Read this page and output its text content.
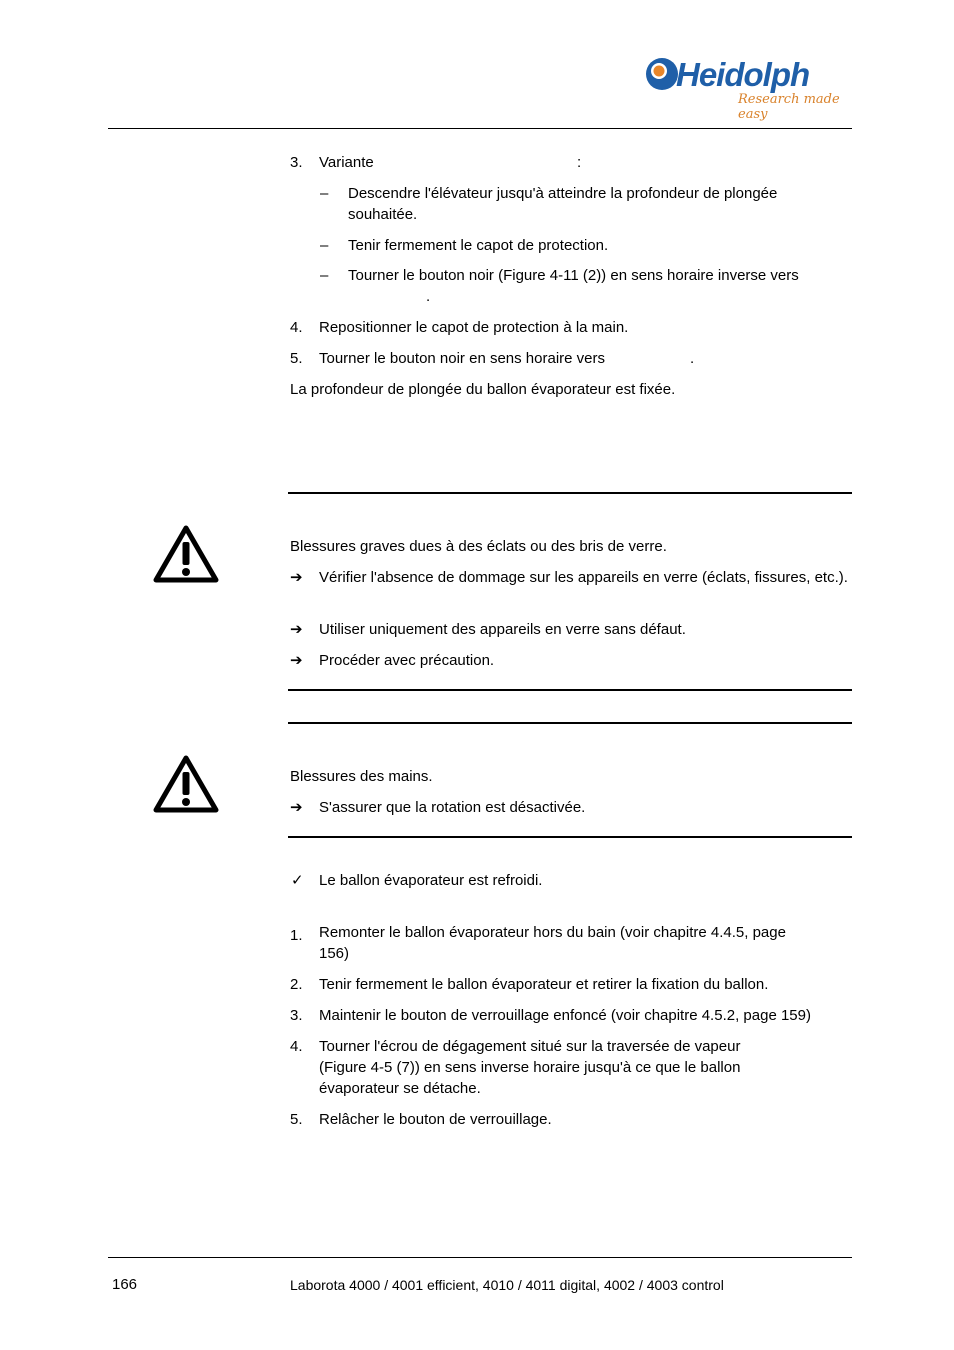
Heidolph
Research made easy
3. Variante	:
– Descendre l'élévateur jusqu'à atteindre la profondeur de plongée souhaitée.
– Tenir fermement le capot de protection.
– Tourner le bouton noir (Figure 4-11 (2)) en sens horaire inverse vers
.
4. Repositionner le capot de protection à la main.
5. Tourner le bouton noir en sens horaire vers	.
La profondeur de plongée du ballon évaporateur est fixée.
Blessures graves dues à des éclats ou des bris de verre.
➔ Vérifier l'absence de dommage sur les appareils en verre (éclats, fissures, etc.).
➔ Utiliser uniquement des appareils en verre sans défaut.
➔ Procéder avec précaution.
Blessures des mains.
➔ S'assurer que la rotation est désactivée.
✓ Le ballon évaporateur est refroidi.
1. Remonter le ballon évaporateur hors du bain (voir chapitre 4.4.5, page 156)
2. Tenir fermement le ballon évaporateur et retirer la fixation du ballon.
3. Maintenir le bouton de verrouillage enfoncé (voir chapitre 4.5.2, page 159)
4. Tourner l'écrou de dégagement situé sur la traversée de vapeur (Figure 4-5 (7)) en sens inverse horaire jusqu'à ce que le ballon évaporateur se détache.
5. Relâcher le bouton de verrouillage.
166	Laborota 4000 / 4001 efficient, 4010 / 4011 digital, 4002 / 4003 control
